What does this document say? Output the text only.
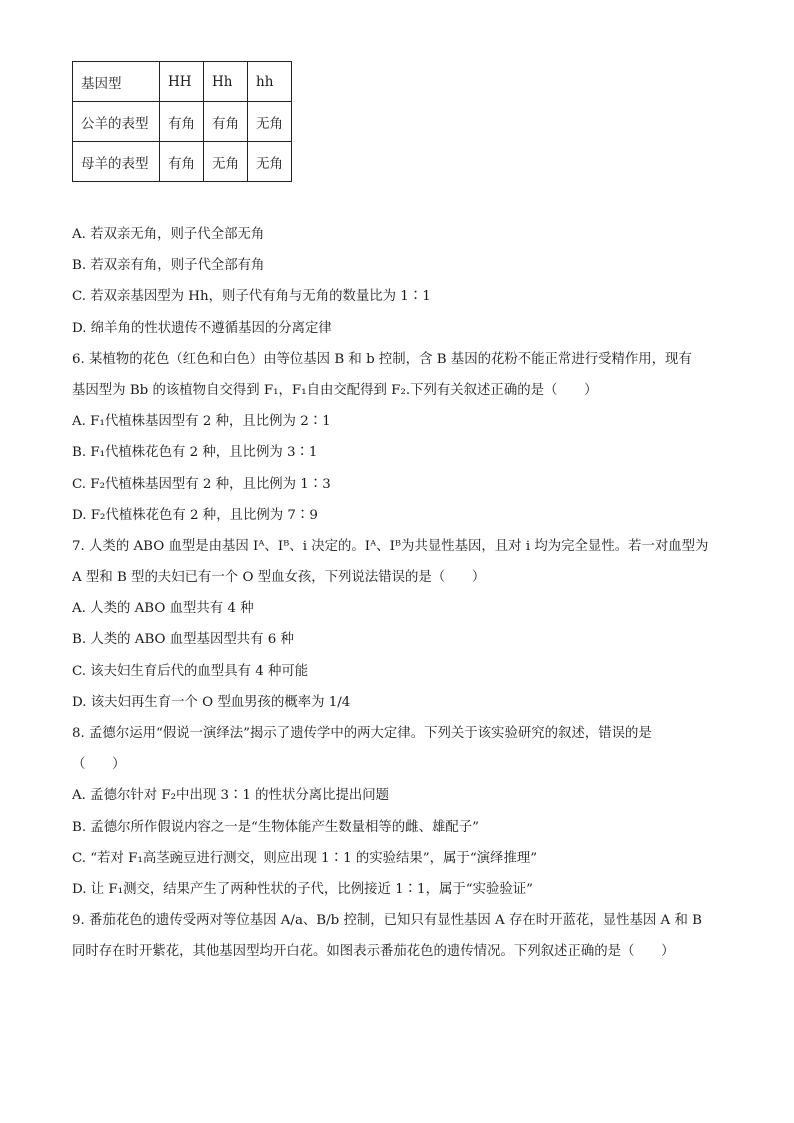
基因型	HH	Hh	hh
公羊的表型	有角	有角	无角
母羊的表型	有角	无角	无角
A. 若双亲无角，则子代全部无角
B. 若双亲有角，则子代全部有角
C. 若双亲基因型为 Hh，则子代有角与无角的数量比为 1∶1
D. 绵羊角的性状遗传不遵循基因的分离定律
6. 某植物的花色（红色和白色）由等位基因 B 和 b 控制，含 B 基因的花粉不能正常进行受精作用，现有
基因型为 Bb 的该植物自交得到 F₁，F₁自由交配得到 F₂.下列有关叙述正确的是（　　）
A. F₁代植株基因型有 2 种，且比例为 2∶1
B. F₁代植株花色有 2 种，且比例为 3∶1
C. F₂代植株基因型有 2 种，且比例为 1∶3
D. F₂代植株花色有 2 种，且比例为 7∶9
7. 人类的 ABO 血型是由基因 Iᴬ、Iᴮ、i 决定的。Iᴬ、Iᴮ为共显性基因，且对 i 均为完全显性。若一对血型为
A 型和 B 型的夫妇已有一个 O 型血女孩，下列说法错误的是（　　）
A. 人类的 ABO 血型共有 4 种
B. 人类的 ABO 血型基因型共有 6 种
C. 该夫妇生育后代的血型具有 4 种可能
D. 该夫妇再生育一个 O 型血男孩的概率为 1/4
8. 孟德尔运用“假说一演绎法”揭示了遗传学中的两大定律。下列关于该实验研究的叙述，错误的是
（　　）
A. 孟德尔针对 F₂中出现 3∶1 的性状分离比提出问题
B. 孟德尔所作假说内容之一是“生物体能产生数量相等的雌、雄配子”
C. “若对 F₁高茎豌豆进行测交，则应出现 1∶1 的实验结果”，属于“演绎推理”
D. 让 F₁测交，结果产生了两种性状的子代，比例接近 1∶1，属于“实验验证”
9. 番茄花色的遗传受两对等位基因 A/a、B/b 控制，已知只有显性基因 A 存在时开蓝花，显性基因 A 和 B
同时存在时开紫花，其他基因型均开白花。如图表示番茄花色的遗传情况。下列叙述正确的是（　　）
